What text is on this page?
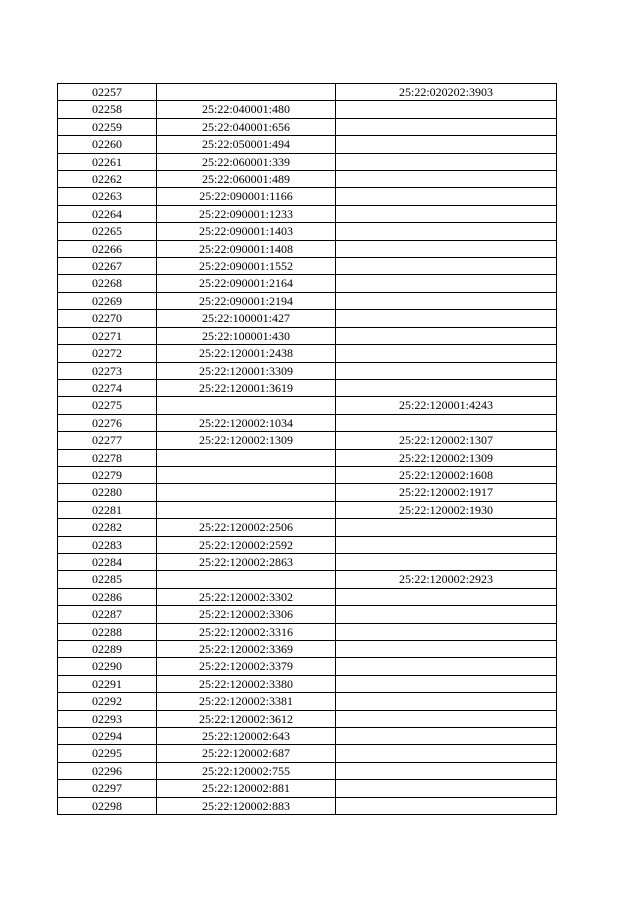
02257		25:22:020202:3903
02258	25:22:040001:480	
02259	25:22:040001:656	
02260	25:22:050001:494	
02261	25:22:060001:339	
02262	25:22:060001:489	
02263	25:22:090001:1166	
02264	25:22:090001:1233	
02265	25:22:090001:1403	
02266	25:22:090001:1408	
02267	25:22:090001:1552	
02268	25:22:090001:2164	
02269	25:22:090001:2194	
02270	25:22:100001:427	
02271	25:22:100001:430	
02272	25:22:120001:2438	
02273	25:22:120001:3309	
02274	25:22:120001:3619	
02275		25:22:120001:4243
02276	25:22:120002:1034	
02277	25:22:120002:1309	25:22:120002:1307
02278		25:22:120002:1309
02279		25:22:120002:1608
02280		25:22:120002:1917
02281		25:22:120002:1930
02282	25:22:120002:2506	
02283	25:22:120002:2592	
02284	25:22:120002:2863	
02285		25:22:120002:2923
02286	25:22:120002:3302	
02287	25:22:120002:3306	
02288	25:22:120002:3316	
02289	25:22:120002:3369	
02290	25:22:120002:3379	
02291	25:22:120002:3380	
02292	25:22:120002:3381	
02293	25:22:120002:3612	
02294	25:22:120002:643	
02295	25:22:120002:687	
02296	25:22:120002:755	
02297	25:22:120002:881	
02298	25:22:120002:883	
